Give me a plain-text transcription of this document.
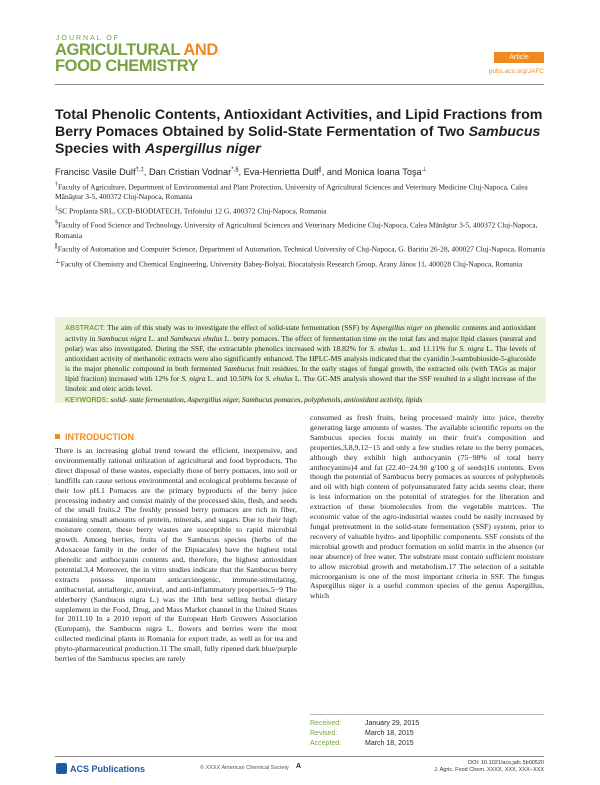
JOURNAL OF
AGRICULTURAL AND
FOOD CHEMISTRY	Article
pubs.acs.org/JAFC
Total Phenolic Contents, Antioxidant Activities, and Lipid Fractions from Berry Pomaces Obtained by Solid-State Fermentation of Two Sambucus Species with Aspergillus niger
Francisc Vasile Dulf†,‡, Dan Cristian Vodnar*,§, Eva-Henrietta Dulf∥, and Monica Ioana Toşa⊥
†Faculty of Agriculture, Department of Environmental and Plant Protection, University of Agricultural Sciences and Veterinary Medicine Cluj-Napoca, Calea Mănăştur 3-5, 400372 Cluj-Napoca, Romania
‡SC Proplanta SRL, CCD-BIODIATECH, Trifoiului 12 G, 400372 Cluj-Napoca, Romania
§Faculty of Food Science and Technology, University of Agricultural Sciences and Veterinary Medicine Cluj-Napoca, Calea Mănăştur 3-5, 400372 Cluj-Napoca, Romania
∥Faculty of Automation and Computer Science, Department of Automation, Technical University of Cluj-Napoca, G. Baritiu 26-28, 400027 Cluj-Napoca, Romania
⊥Faculty of Chemistry and Chemical Engineering, University Babeş-Bolyai, Biocatalysis Research Group, Arany János 11, 400028 Cluj-Napoca, Romania
ABSTRACT: The aim of this study was to investigate the effect of solid-state fermentation (SSF) by Aspergillus niger on phenolic contents and antioxidant activity in Sambucus nigra L. and Sambucus ebulus L. berry pomaces. The effect of fermentation time on the total fats and major lipid classes (neutral and polar) was also investigated. During the SSF, the extractable phenolics increased with 18.82% for S. ebulus L. and 11.11% for S. nigra L. The levels of antioxidant activity of methanolic extracts were also significantly enhanced. The HPLC-MS analysis indicated that the cyanidin 3-sambubioside-5-glucoside is the major phenolic compound in both fermented Sambucus fruit residues. In the early stages of fungal growth, the extracted oils (with TAGs as major lipid fraction) increased with 12% for S. nigra L. and 10.50% for S. ebulus L. The GC-MS analysis showed that the SSF resulted in a slight increase of the linoleic and oleic acids level.
KEYWORDS: solid- state fermentation, Aspergillus niger, Sambucus pomaces, polyphenols, antioxidant activity, lipids
INTRODUCTION

There is an increasing global trend toward the efficient, inexpensive, and environmentally rational utilization of agricultural and food byproducts. The direct disposal of these wastes, especially those of berry pomaces, into soil or landfills can cause serious environmental and ecological problems because of their low pH.1 Pomaces are the primary byproducts of the berry juice processing industry and consist mainly of the processed skin, flesh, and seeds of the small fruits.2 The freshly pressed berry pomaces are rich in fiber, containing small amounts of protein, minerals, and sugars. Due to their high moisture content, these berry wastes are susceptible to rapid microbial growth. Among berries, fruits of the Sambucus species (herbs of the Adoxaceae family in the order of the Dipsacales) have the highest total phenolic and anthocyanin contents and, therefore, the highest antioxidant potential.3,4 Moreover, the in vitro studies indicate that the Sambucus berry extracts possess important anticarcinogenic, immune-stimulating, antibacterial, antiallergic, antiviral, and anti-inflammatory properties.5−9 The elderberry (Sambucus nigra L.) was the 18th best selling herbal dietary supplement in the Food, Drug, and Mass Market channel in the United States for 2011.10 In a 2010 report of the European Herb Growers Association (Europam), the Sambucus nigra L. flowers and berries were the most collected medicinal plants in Romania for export trade, as well as for tea and phyto-pharmaceutical production.11 The small, fully ripened dark blue/purple berries of the Sambucus species are rarely

consumed as fresh fruits, being processed mainly into juice, thereby generating large amounts of wastes. The available scientific reports on the Sambucus species focus mainly on their fruit's composition and properties,3,8,9,12−15 and only a few studies relate to the berry pomaces, although they exhibit high anthocyanin (75−98% of total berry anthocyanins)4 and fat (22.40−24.90 g/100 g of seeds)16 contents. Even though the potential of Sambucus berry pomaces as sources of polyphenols and oil with high content of polyunsaturated fatty acids seems clear, there is less information on the potential of strategies for the liberation and extraction of these biomolecules from the vegetable matrices. The economic value of the agro-industrial wastes could be easily increased by fungal pretreatment in the solid-state fermentation (SSF) system, prior to recovery of valuable hydro- and lipophilic components. SSF consists of the microbial growth and product formation on solid matrix in the absence (or near absence) of free water. The substrate must contain sufficient moisture to allow microbial growth and metabolism.17 The selection of a suitable microorganism is one of the most important criteria in SSF. The fungus Aspergillus niger is a useful common species of the genus Aspergillus, which

Received:	January 29, 2015
Revised:	March 18, 2015
Accepted:	March 18, 2015
ACS Publications	© XXXX American Chemical Society A	DOI: 10.1021/acs.jafc.5b00520
J. Agric. Food Chem. XXXX, XXX, XXX−XXX
